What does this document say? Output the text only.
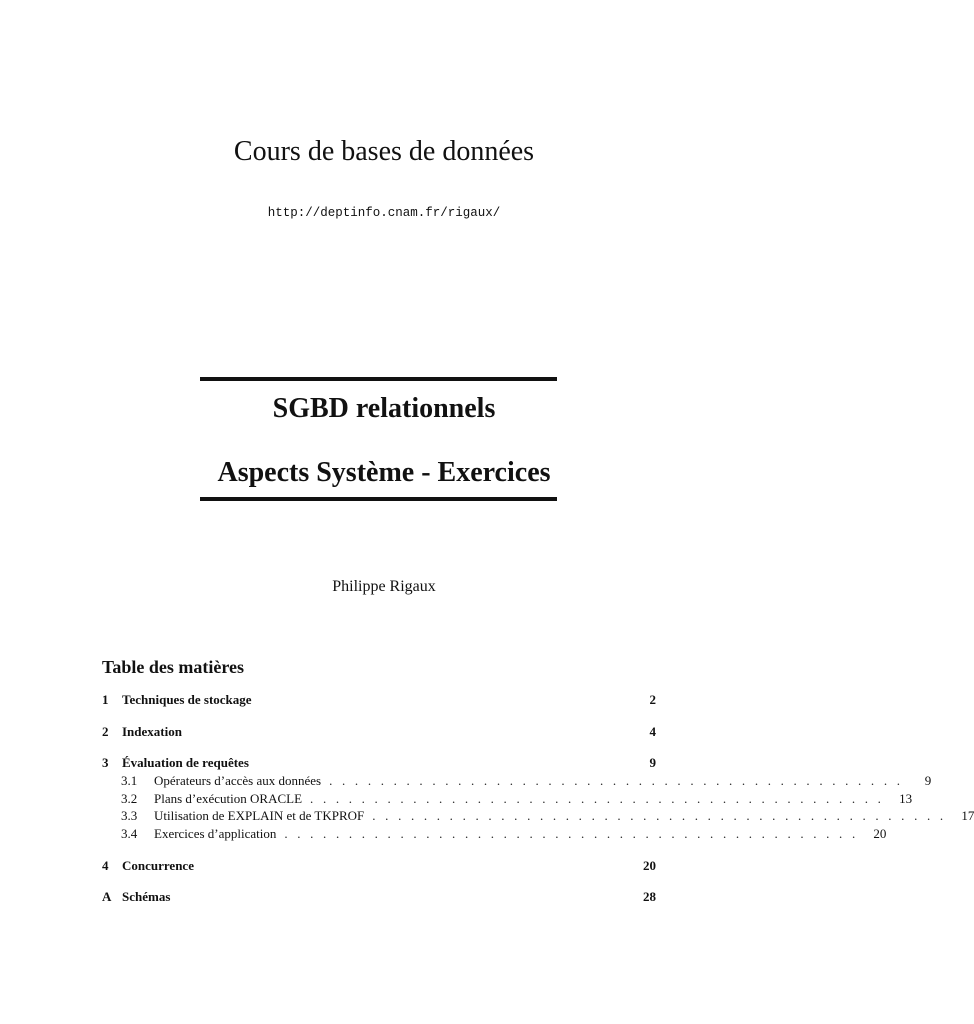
Cours de bases de données
http://deptinfo.cnam.fr/rigaux/
SGBD relationnels
Aspects Système - Exercices
Philippe Rigaux
Table des matières
1	Techniques de stockage	2
2	Indexation	4
3	Évaluation de requêtes	9
3.1	Opérateurs d’accès aux données . . . . . . . . . . . . . . . . . . . . . . . . . . . . . . . . . . . . . . . . . . . . .	9
3.2	Plans d’exécution ORACLE . . . . . . . . . . . . . . . . . . . . . . . . . . . . . . . . . . . . . . . . . . . . .	13
3.3	Utilisation de EXPLAIN et de TKPROF . . . . . . . . . . . . . . . . . . . . . . . . . . . . . . . . . . . . . . . . . . . . .	17
3.4	Exercices d’application . . . . . . . . . . . . . . . . . . . . . . . . . . . . . . . . . . . . . . . . . . . . .	20
4	Concurrence	20
A Schémas	28
